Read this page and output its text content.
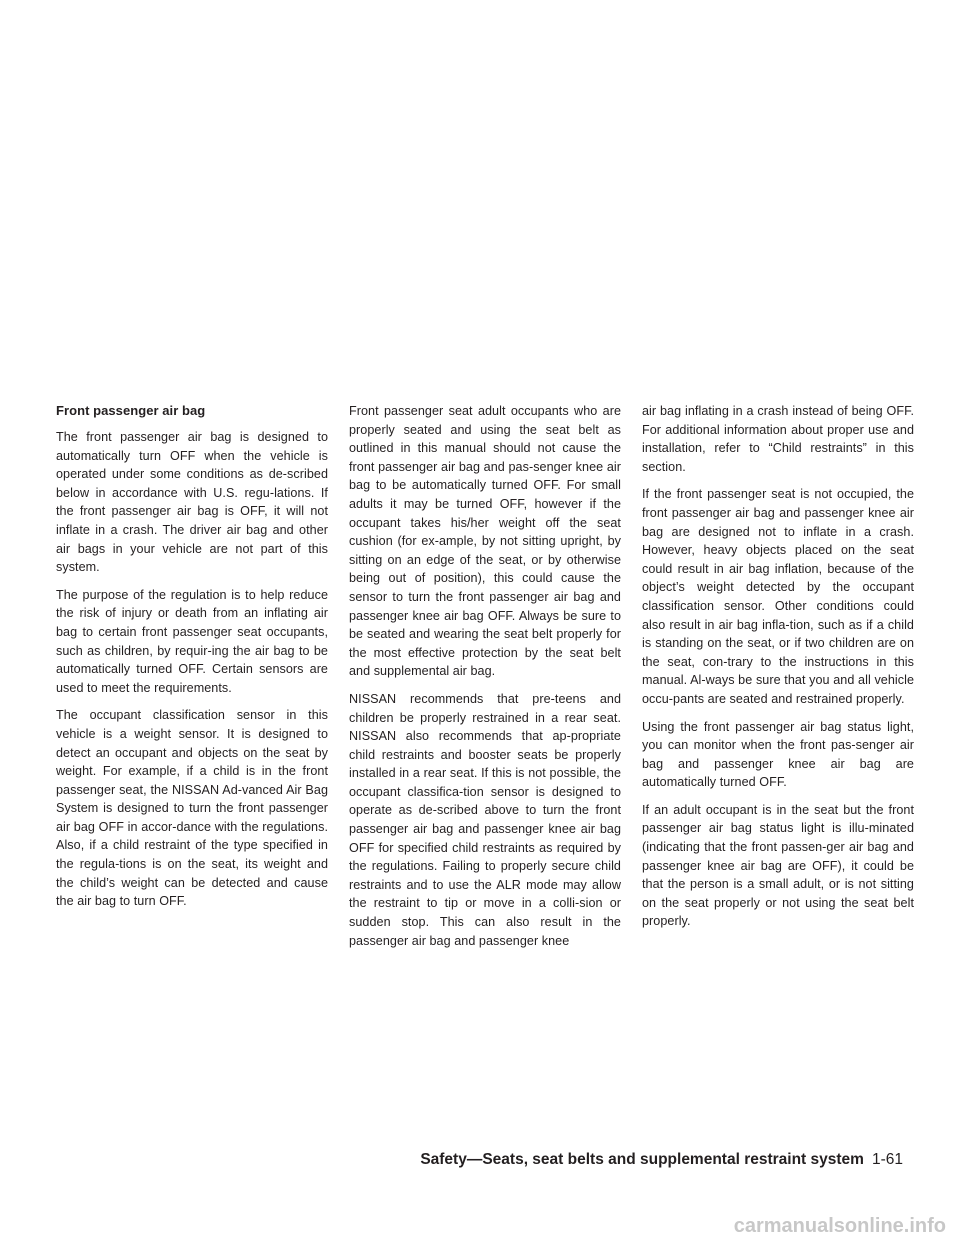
Front passenger air bag

The front passenger air bag is designed to automatically turn OFF when the vehicle is operated under some conditions as de-scribed below in accordance with U.S. regu-lations. If the front passenger air bag is OFF, it will not inflate in a crash. The driver air bag and other air bags in your vehicle are not part of this system.

The purpose of the regulation is to help reduce the risk of injury or death from an inflating air bag to certain front passenger seat occupants, such as children, by requir-ing the air bag to be automatically turned OFF. Certain sensors are used to meet the requirements.

The occupant classification sensor in this vehicle is a weight sensor. It is designed to detect an occupant and objects on the seat by weight. For example, if a child is in the front passenger seat, the NISSAN Ad-vanced Air Bag System is designed to turn the front passenger air bag OFF in accor-dance with the regulations. Also, if a child restraint of the type specified in the regula-tions is on the seat, its weight and the child’s weight can be detected and cause the air bag to turn OFF.

Front passenger seat adult occupants who are properly seated and using the seat belt as outlined in this manual should not cause the front passenger air bag and pas-senger knee air bag to be automatically turned OFF. For small adults it may be turned OFF, however if the occupant takes his/her weight off the seat cushion (for ex-ample, by not sitting upright, by sitting on an edge of the seat, or by otherwise being out of position), this could cause the sensor to turn the front passenger air bag and passenger knee air bag OFF. Always be sure to be seated and wearing the seat belt properly for the most effective protection by the seat belt and supplemental air bag.

NISSAN recommends that pre-teens and children be properly restrained in a rear seat. NISSAN also recommends that ap-propriate child restraints and booster seats be properly installed in a rear seat. If this is not possible, the occupant classifica-tion sensor is designed to operate as de-scribed above to turn the front passenger air bag and passenger knee air bag OFF for specified child restraints as required by the regulations. Failing to properly secure child restraints and to use the ALR mode may allow the restraint to tip or move in a colli-sion or sudden stop. This can also result in the passenger air bag and passenger knee

air bag inflating in a crash instead of being OFF. For additional information about proper use and installation, refer to “Child restraints” in this section.

If the front passenger seat is not occupied, the front passenger air bag and passenger knee air bag are designed not to inflate in a crash. However, heavy objects placed on the seat could result in air bag inflation, because of the object’s weight detected by the occupant classification sensor. Other conditions could also result in air bag infla-tion, such as if a child is standing on the seat, or if two children are on the seat, con-trary to the instructions in this manual. Al-ways be sure that you and all vehicle occu-pants are seated and restrained properly.

Using the front passenger air bag status light, you can monitor when the front pas-senger air bag and passenger knee air bag are automatically turned OFF.

If an adult occupant is in the seat but the front passenger air bag status light is illu-minated (indicating that the front passen-ger air bag and passenger knee air bag are OFF), it could be that the person is a small adult, or is not sitting on the seat properly or not using the seat belt properly.

Safety—Seats, seat belts and supplemental restraint system 1-61
carmanualsonline.info
